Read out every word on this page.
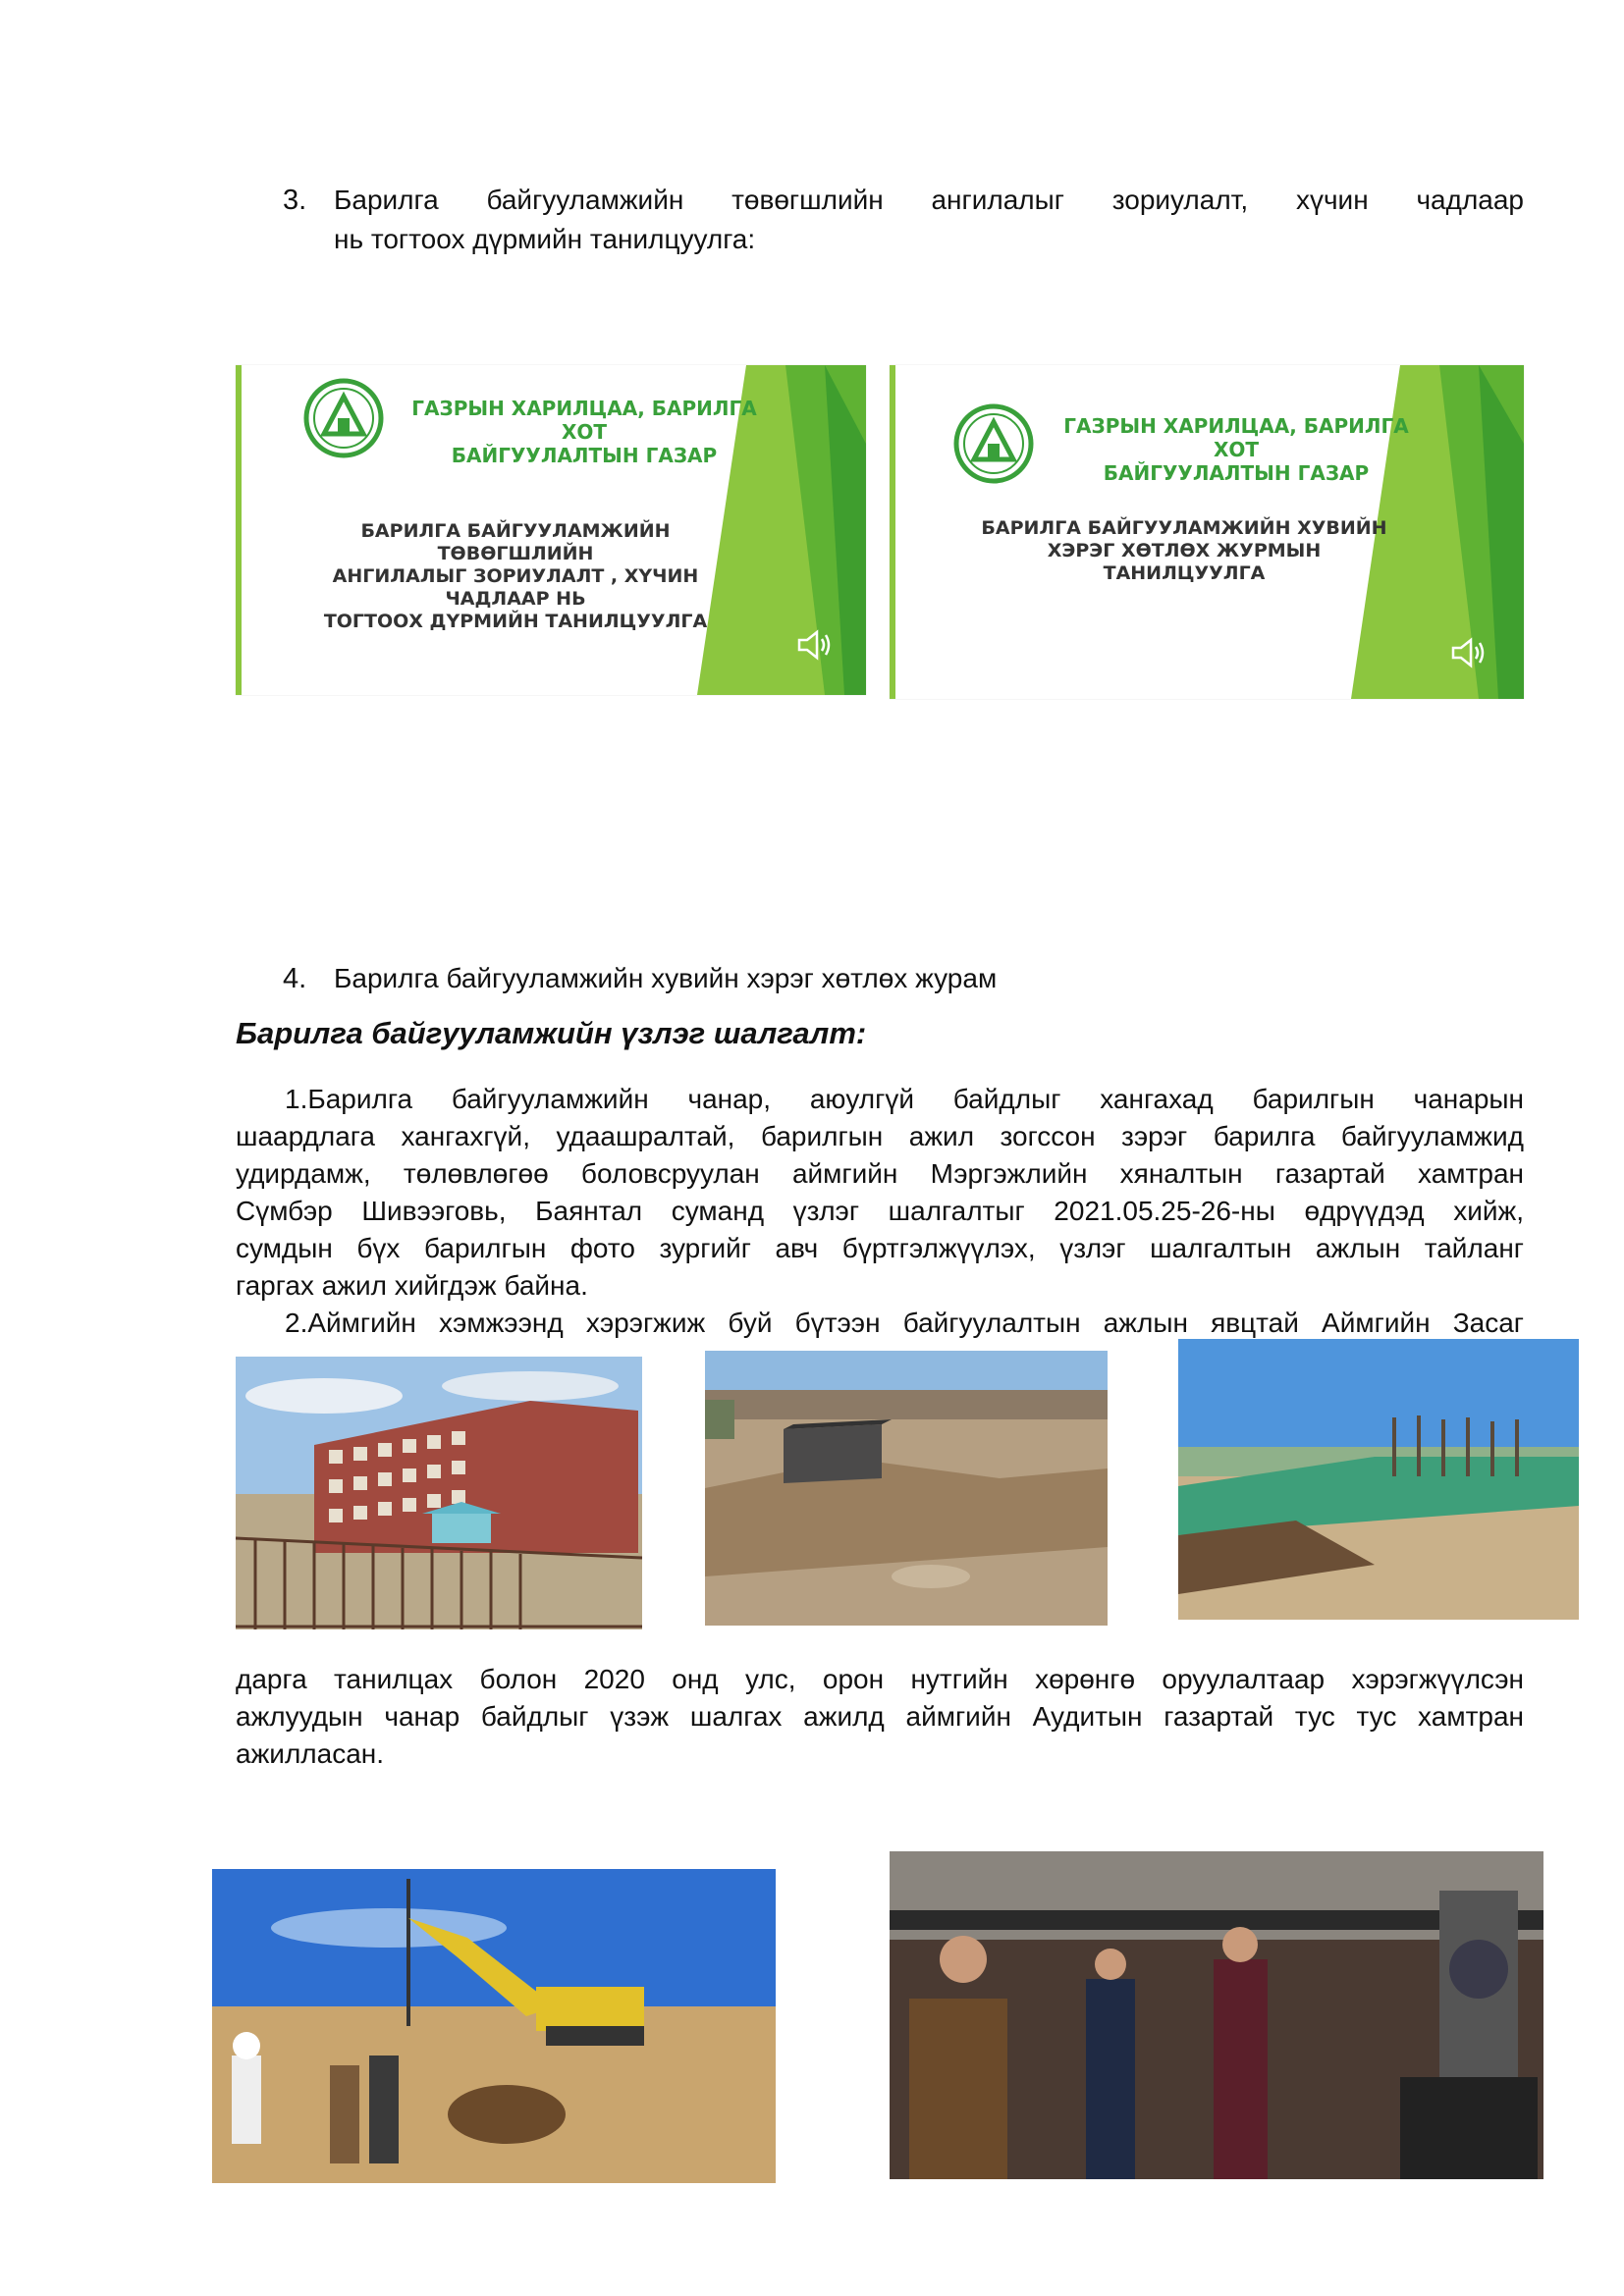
3. Барилга байгууламжийн төвөгшлийн ангилалыг зориулалт, хүчин чадлаар
нь тогтоох дүрмийн танилцуулга:
ГАЗРЫН ХАРИЛЦАА, БАРИЛГА ХОТ
БАЙГУУЛАЛТЫН ГАЗАР
БАРИЛГА БАЙГУУЛАМЖИЙН ТӨВӨГШЛИЙН
АНГИЛАЛЫГ ЗОРИУЛАЛТ , ХҮЧИН ЧАДЛААР НЬ
ТОГТООХ ДҮРМИЙН ТАНИЛЦУУЛГА
ГАЗРЫН ХАРИЛЦАА, БАРИЛГА ХОТ
БАЙГУУЛАЛТЫН ГАЗАР
БАРИЛГА БАЙГУУЛАМЖИЙН ХУВИЙН
ХЭРЭГ ХӨТЛӨХ ЖУРМЫН ТАНИЛЦУУЛГА
4. Барилга байгууламжийн хувийн хэрэг хөтлөх журам
Барилга байгууламжийн үзлэг шалгалт:
1.Барилга байгууламжийн чанар, аюулгүй байдлыг хангахад барилгын чанарын
шаардлага хангахгүй, удаашралтай, барилгын ажил зогссон зэрэг барилга байгууламжид
удирдамж, төлөвлөгөө боловсруулан аймгийн Мэргэжлийн хяналтын газартай хамтран
Сүмбэр Шивээговь, Баянтал суманд үзлэг шалгалтыг 2021.05.25-26-ны өдрүүдэд хийж,
сумдын бүх барилгын фото зургийг авч бүртгэлжүүлэх, үзлэг шалгалтын ажлын тайланг
гаргах ажил хийгдэж байна.
2.Аймгийн хэмжээнд хэрэгжиж буй бүтээн байгуулалтын ажлын явцтай Аймгийн Засаг
дарга танилцах болон 2020 онд улс, орон нутгийн хөрөнгө оруулалтаар хэрэгжүүлсэн
ажлуудын чанар байдлыг үзэж шалгах ажилд аймгийн Аудитын газартай тус тус хамтран
ажилласан.
